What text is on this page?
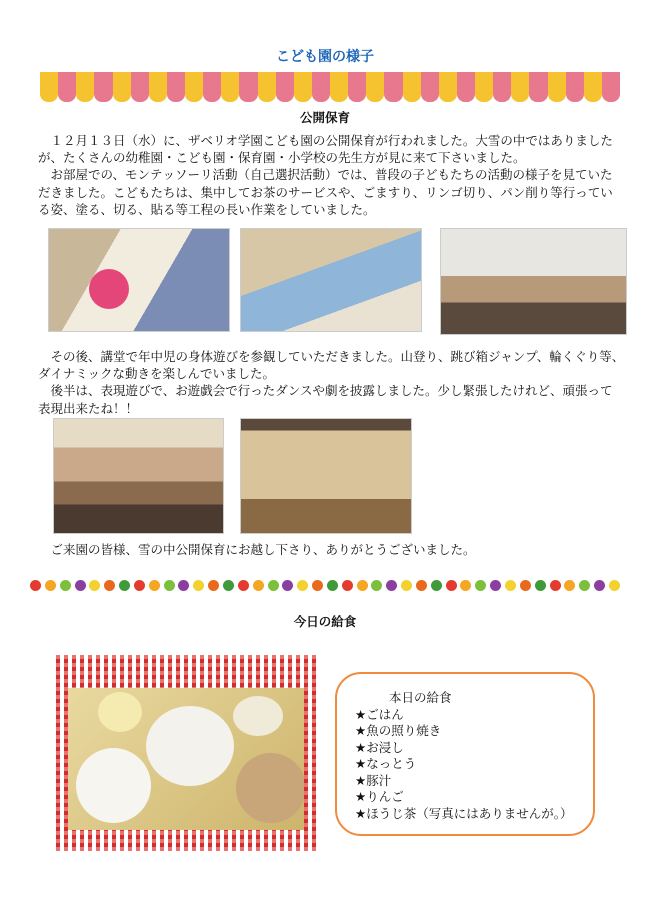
こども園の様子
公開保育
　１２月１３日（水）に、ザベリオ学園こども園の公開保育が行われました。大雪の中ではありました
が、たくさんの幼稚園・こども園・保育園・小学校の先生方が見に来て下さいました。
　お部屋での、モンテッソーリ活動（自己選択活動）では、普段の子どもたちの活動の様子を見ていた
だきました。こどもたちは、集中してお茶のサービスや、ごますり、リンゴ切り、パン削り等行ってい
る姿、塗る、切る、貼る等工程の長い作業をしていました。
　その後、講堂で年中児の身体遊びを参観していただきました。山登り、跳び箱ジャンプ、輪くぐり等、
ダイナミックな動きを楽しんでいました。
　後半は、表現遊びで、お遊戯会で行ったダンスや劇を披露しました。少し緊張したけれど、頑張って
表現出来たね！！
　ご来園の皆様、雪の中公開保育にお越し下さり、ありがとうございました。
今日の給食
本日の給食
★ごはん
★魚の照り焼き
★お浸し
★なっとう
★豚汁
★りんご
★ほうじ茶（写真にはありませんが。）
